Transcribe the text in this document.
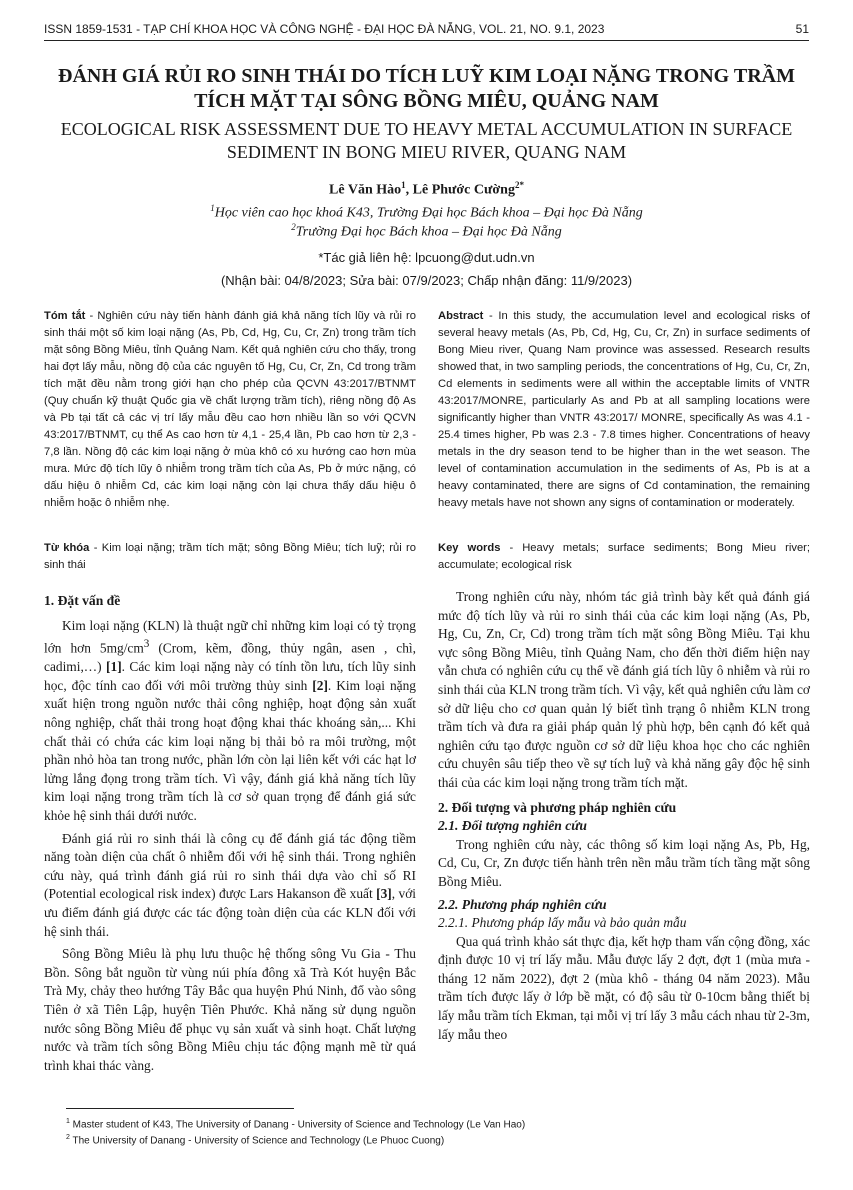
ISSN 1859-1531 - TẠP CHÍ KHOA HỌC VÀ CÔNG NGHỆ - ĐẠI HỌC ĐÀ NẴNG, VOL. 21, NO. 9.1, 2023	51
ĐÁNH GIÁ RỦI RO SINH THÁI DO TÍCH LUỸ KIM LOẠI NẶNG TRONG TRẦM TÍCH MẶT TẠI SÔNG BỒNG MIÊU, QUẢNG NAM
ECOLOGICAL RISK ASSESSMENT DUE TO HEAVY METAL ACCUMULATION IN SURFACE SEDIMENT IN BONG MIEU RIVER, QUANG NAM
Lê Văn Hào$^1$, Lê Phước Cường$^{2*}$
$^1$Học viên cao học khoá K43, Trường Đại học Bách khoa – Đại học Đà Nẵng
$^2$Trường Đại học Bách khoa – Đại học Đà Nẵng
*Tác giả liên hệ: lpcuong@dut.udn.vn
(Nhận bài: 04/8/2023; Sửa bài: 07/9/2023; Chấp nhận đăng: 11/9/2023)
Tóm tắt - Nghiên cứu này tiến hành đánh giá khả năng tích lũy và rủi ro sinh thái một số kim loại nặng (As, Pb, Cd, Hg, Cu, Cr, Zn) trong trầm tích mặt sông Bồng Miêu, tỉnh Quảng Nam. Kết quả nghiên cứu cho thấy, trong hai đợt lấy mẫu, nồng độ của các nguyên tố Hg, Cu, Cr, Zn, Cd trong trầm tích mặt đều nằm trong giới hạn cho phép của QCVN 43:2017/BTNMT (Quy chuẩn kỹ thuật Quốc gia về chất lượng trầm tích), riêng nồng độ As và Pb tại tất cả các vị trí lấy mẫu đều cao hơn nhiều lần so với QCVN 43:2017/BTNMT, cụ thể As cao hơn từ 4,1 - 25,4 lần, Pb cao hơn từ 2,3 - 7,8 lần. Nồng độ các kim loại nặng ở mùa khô có xu hướng cao hơn mùa mưa. Mức độ tích lũy ô nhiễm trong trầm tích của As, Pb ở mức nặng, có dấu hiệu ô nhiễm Cd, các kim loại nặng còn lại chưa thấy dấu hiệu ô nhiễm hoặc ô nhiễm nhẹ.
Abstract - In this study, the accumulation level and ecological risks of several heavy metals (As, Pb, Cd, Hg, Cu, Cr, Zn) in surface sediments of Bong Mieu river, Quang Nam province was assessed. Research results showed that, in two sampling periods, the concentrations of Hg, Cu, Cr, Zn, Cd elements in sediments were all within the acceptable limits of VNTR 43:2017/MONRE, particularly As and Pb at all sampling locations were significantly higher than VNTR 43:2017/ MONRE, specifically As was 4.1 - 25.4 times higher, Pb was 2.3 - 7.8 times higher. Concentrations of heavy metals in the dry season tend to be higher than in the wet season. The level of contamination accumulation in the sediments of As, Pb is at a heavy contaminated, there are signs of Cd contamination, the remaining heavy metals have not shown any signs of contamination or moderately.
Từ khóa - Kim loại nặng; trầm tích mặt; sông Bồng Miêu; tích luỹ; rủi ro sinh thái
Key words - Heavy metals; surface sediments; Bong Mieu river; accumulate; ecological risk
1. Đặt vấn đề

Kim loại nặng (KLN) là thuật ngữ chỉ những kim loại có tỷ trọng lớn hơn $5mg/cm^3$ (Crom, kẽm, đồng, thủy ngân, asen , chì, cadimi,…) [1]. Các kim loại nặng này có tính tồn lưu, tích lũy sinh học, độc tính cao đối với môi trường thủy sinh [2]. Kim loại nặng xuất hiện trong nguồn nước thải công nghiệp, hoạt động sản xuất nông nghiệp, chất thải trong hoạt động khai thác khoáng sản,... Khi chất thải có chứa các kim loại nặng bị thải bỏ ra môi trường, một phần nhỏ hòa tan trong nước, phần lớn còn lại liên kết với các hạt lơ lửng lắng đọng trong trầm tích. Vì vậy, đánh giá khả năng tích lũy kim loại nặng trong trầm tích là cơ sở quan trọng để đánh giá sức khỏe hệ sinh thái dưới nước.

Đánh giá rủi ro sinh thái là công cụ để đánh giá tác động tiềm năng toàn diện của chất ô nhiễm đối với hệ sinh thái. Trong nghiên cứu này, quá trình đánh giá rủi ro sinh thái dựa vào chỉ số RI (Potential ecological risk index) được Lars Hakanson đề xuất [3], với ưu điểm đánh giá được các tác động toàn diện của các KLN đối với hệ sinh thái.

Sông Bồng Miêu là phụ lưu thuộc hệ thống sông Vu Gia - Thu Bồn. Sông bắt nguồn từ vùng núi phía đông xã Trà Kót huyện Bắc Trà My, chảy theo hướng Tây Bắc qua huyện Phú Ninh, đổ vào sông Tiên ở xã Tiên Lập, huyện Tiên Phước. Khả năng sử dụng nguồn nước sông Bồng Miêu để phục vụ sản xuất và sinh hoạt. Chất lượng nước và trầm tích sông Bồng Miêu chịu tác động mạnh mẽ từ quá trình khai thác vàng.

Trong nghiên cứu này, nhóm tác giả trình bày kết quả đánh giá mức độ tích lũy và rủi ro sinh thái của các kim loại nặng (As, Pb, Hg, Cu, Zn, Cr, Cd) trong trầm tích mặt sông Bồng Miêu. Tại khu vực sông Bồng Miêu, tỉnh Quảng Nam, cho đến thời điểm hiện nay vẫn chưa có nghiên cứu cụ thể về đánh giá tích lũy ô nhiễm và rủi ro sinh thái của KLN trong trầm tích. Vì vậy, kết quả nghiên cứu làm cơ sở dữ liệu cho cơ quan quản lý biết tình trạng ô nhiễm KLN trong trầm tích và đưa ra giải pháp quản lý phù hợp, bên cạnh đó kết quả nghiên cứu tạo được nguồn cơ sở dữ liệu khoa học cho các nghiên cứu chuyên sâu tiếp theo về sự tích luỹ và khả năng gây độc hệ sinh thái của các kim loại nặng trong trầm tích mặt.

2. Đối tượng và phương pháp nghiên cứu
2.1. Đối tượng nghiên cứu

Trong nghiên cứu này, các thông số kim loại nặng As, Pb, Hg, Cd, Cu, Cr, Zn được tiến hành trên nền mẫu trầm tích tầng mặt sông Bồng Miêu.

2.2. Phương pháp nghiên cứu
2.2.1. Phương pháp lấy mẫu và bảo quản mẫu

Qua quá trình khảo sát thực địa, kết hợp tham vấn cộng đồng, xác định được 10 vị trí lấy mẫu. Mẫu được lấy 2 đợt, đợt 1 (mùa mưa - tháng 12 năm 2022), đợt 2 (mùa khô - tháng 04 năm 2023). Mẫu trầm tích được lấy ở lớp bề mặt, có độ sâu từ 0-10cm bằng thiết bị lấy mẫu trầm tích Ekman, tại mỗi vị trí lấy 3 mẫu cách nhau từ 2-3m, lấy mẫu theo

$^1$ Master student of K43, The University of Danang - University of Science and Technology (Le Van Hao)
$^2$ The University of Danang - University of Science and Technology (Le Phuoc Cuong)
